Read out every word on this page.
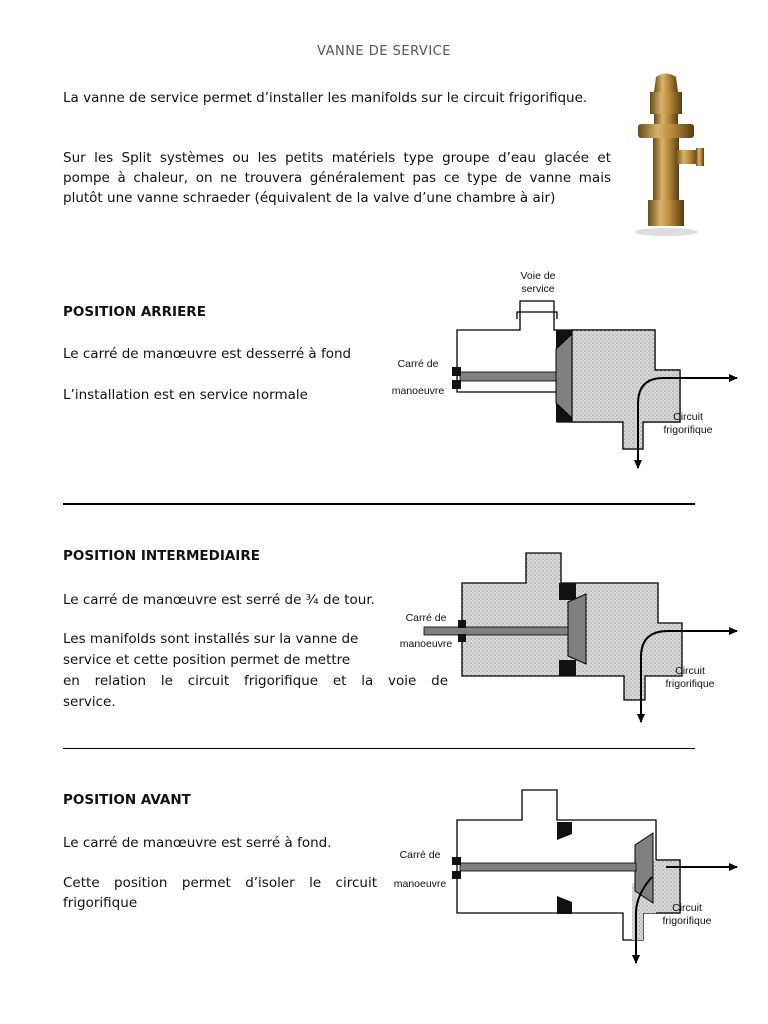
VANNE DE SERVICE
La vanne de service permet d’installer les manifolds sur le circuit frigorifique.
Sur les Split systèmes ou les petits matériels type groupe d’eau glacée et pompe à chaleur, on ne trouvera généralement pas ce type de vanne mais plutôt une vanne schraeder (équivalent de la valve d’une chambre à air)
POSITION ARRIERE
Le carré de manœuvre est desserré à fond
L’installation est en service normale
Voie de
service
Carré de
manoeuvre
Circuit
frigorifique
POSITION INTERMEDIAIRE
Le carré de manœuvre est serré de ¾ de tour.
Les manifolds sont installés sur la vanne de
service et cette position permet de mettre
en relation le circuit frigorifique et la voie de
service.
Carré de
manoeuvre
Circuit
frigorifique
POSITION AVANT
Le carré de manœuvre est serré à fond.
Cette position permet d’isoler le circuit
frigorifique
Carré de
manoeuvre
Circuit
frigorifique
